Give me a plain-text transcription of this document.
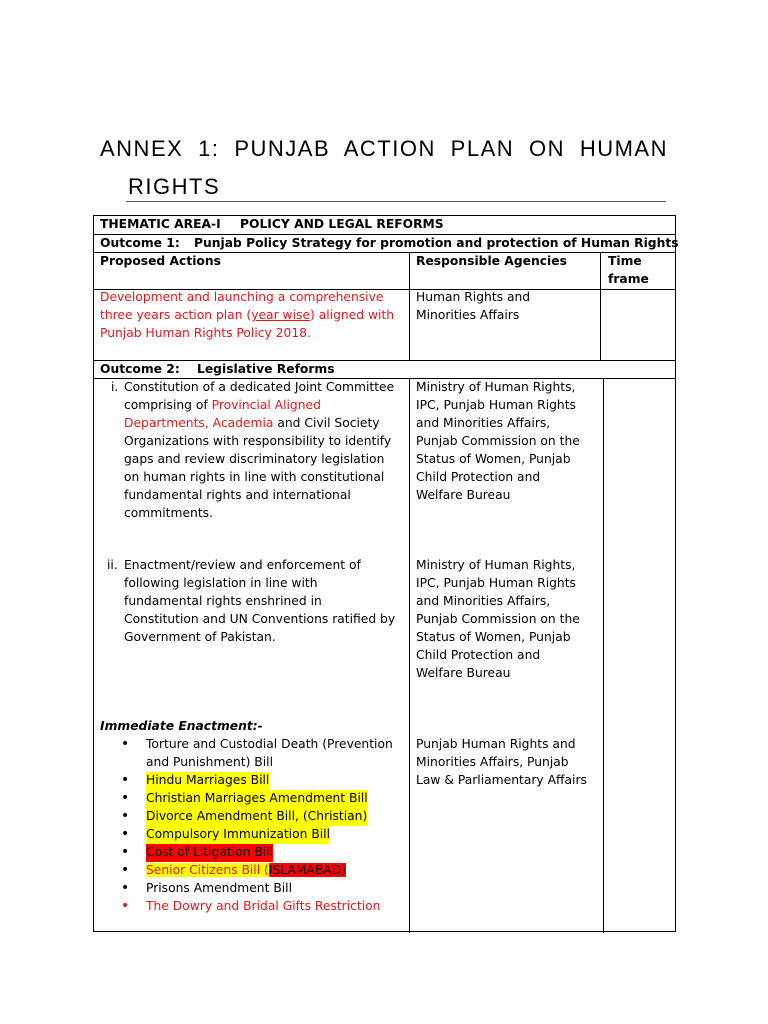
ANNEX 1: PUNJAB ACTION PLAN ON HUMAN
RIGHTS
THEMATIC AREA-I POLICY AND LEGAL REFORMS
Outcome 1: Punjab Policy Strategy for promotion and protection of Human Rights
Proposed Actions	Responsible Agencies	Time
frame
Development and launching a comprehensive
three years action plan (year wise) aligned with
Punjab Human Rights Policy 2018.
Human Rights and
Minorities Affairs
Outcome 2: Legislative Reforms
i. Constitution of a dedicated Joint Committee
comprising of Provincial Aligned
Departments, Academia and Civil Society
Organizations with responsibility to identify
gaps and review discriminatory legislation
on human rights in line with constitutional
fundamental rights and international
commitments.
Ministry of Human Rights,
IPC, Punjab Human Rights
and Minorities Affairs,
Punjab Commission on the
Status of Women, Punjab
Child Protection and
Welfare Bureau
ii. Enactment/review and enforcement of
following legislation in line with
fundamental rights enshrined in
Constitution and UN Conventions ratified by
Government of Pakistan.
Ministry of Human Rights,
IPC, Punjab Human Rights
and Minorities Affairs,
Punjab Commission on the
Status of Women, Punjab
Child Protection and
Welfare Bureau
Immediate Enactment:-
• Torture and Custodial Death (Prevention
and Punishment) Bill
• Hindu Marriages Bill
• Christian Marriages Amendment Bill
• Divorce Amendment Bill, (Christian)
• Compulsory Immunization Bill
• Cost of Litigation Bill
• Senior Citizens Bill (ISLAMABAD)
• Prisons Amendment Bill
• The Dowry and Bridal Gifts Restriction
Punjab Human Rights and
Minorities Affairs, Punjab
Law & Parliamentary Affairs
